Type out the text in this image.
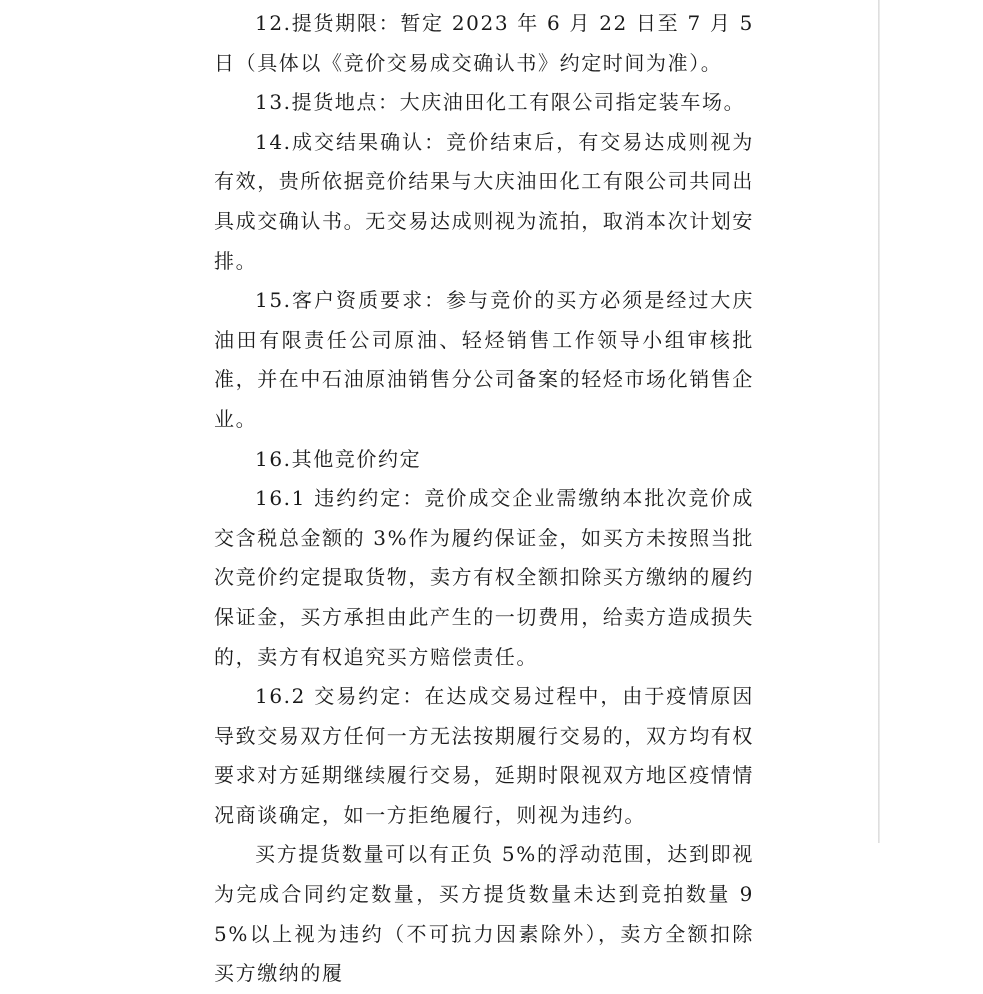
12.提货期限：暂定 2023 年 6 月 22 日至 7 月 5 日（具体以《竞价交易成交确认书》约定时间为准）。

13.提货地点：大庆油田化工有限公司指定装车场。

14.成交结果确认：竞价结束后，有交易达成则视为有效，贵所依据竞价结果与大庆油田化工有限公司共同出具成交确认书。无交易达成则视为流拍，取消本次计划安排。

15.客户资质要求：参与竞价的买方必须是经过大庆油田有限责任公司原油、轻烃销售工作领导小组审核批准，并在中石油原油销售分公司备案的轻烃市场化销售企业。

16.其他竞价约定

16.1 违约约定：竞价成交企业需缴纳本批次竞价成交含税总金额的 3%作为履约保证金，如买方未按照当批次竞价约定提取货物，卖方有权全额扣除买方缴纳的履约保证金，买方承担由此产生的一切费用，给卖方造成损失的，卖方有权追究买方赔偿责任。

16.2 交易约定：在达成交易过程中，由于疫情原因导致交易双方任何一方无法按期履行交易的，双方均有权要求对方延期继续履行交易，延期时限视双方地区疫情情况商谈确定，如一方拒绝履行，则视为违约。

买方提货数量可以有正负 5%的浮动范围，达到即视为完成合同约定数量，买方提货数量未达到竞拍数量 95%以上视为违约（不可抗力因素除外），卖方全额扣除买方缴纳的履
